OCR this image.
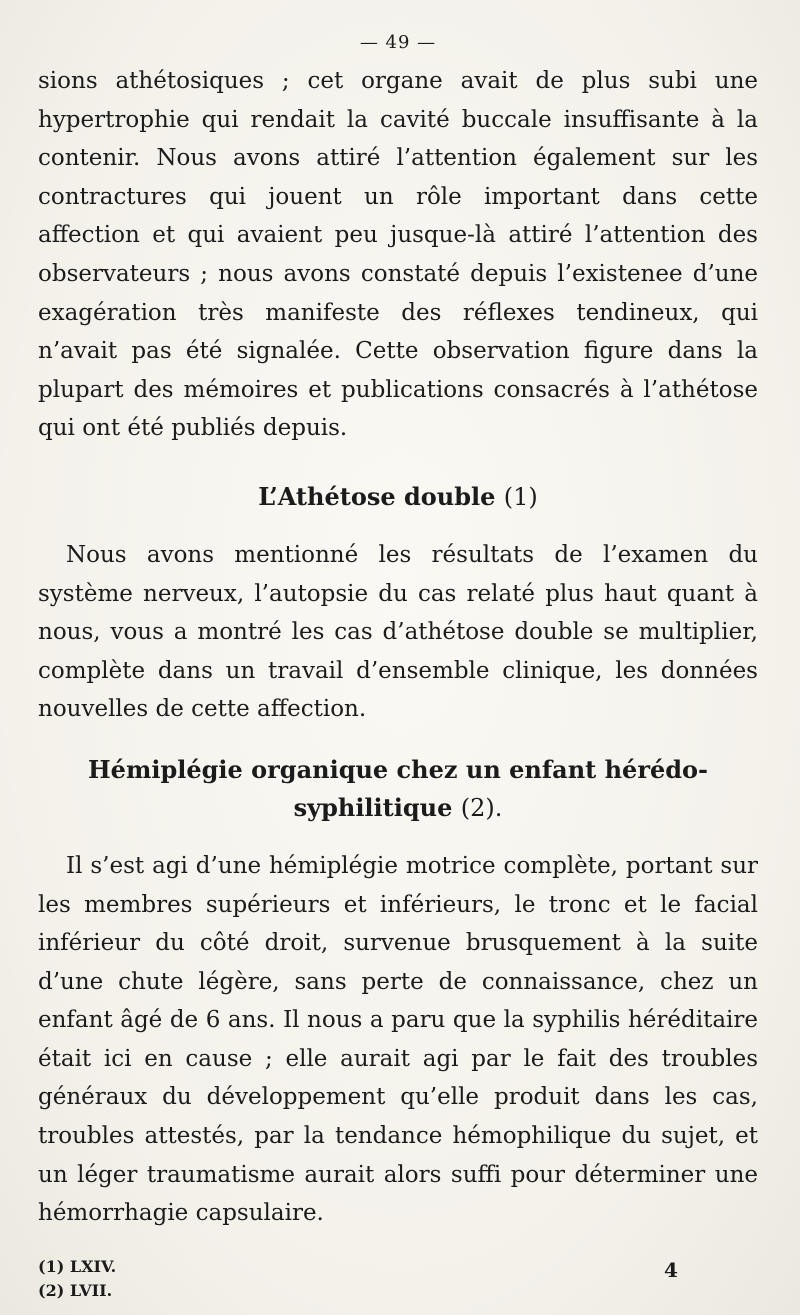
— 49 —

sions athétosiques ; cet organe avait de plus subi une hypertrophie qui rendait la cavité buccale insuffisante à la contenir. Nous avons attiré l’attention également sur les contractures qui jouent un rôle important dans cette affection et qui avaient peu jusque-là attiré l’attention des observateurs ; nous avons constaté depuis l’existenee d’une exagération très manifeste des réflexes tendineux, qui n’avait pas été signalée. Cette observation figure dans la plupart des mémoires et publications consacrés à l’athétose qui ont été publiés depuis.

L’Athétose double (1)

Nous avons mentionné les résultats de l’examen du système nerveux, l’autopsie du cas relaté plus haut quant à nous, vous a montré les cas d’athétose double se multiplier, complète dans un travail d’ensemble clinique, les données nouvelles de cette affection.

Hémiplégie organique chez un enfant hérédo-
syphilitique (2).

Il s’est agi d’une hémiplégie motrice complète, portant sur les membres supérieurs et inférieurs, le tronc et le facial inférieur du côté droit, survenue brusquement à la suite d’une chute légère, sans perte de connaissance, chez un enfant âgé de 6 ans. Il nous a paru que la syphilis héréditaire était ici en cause ; elle aurait agi par le fait des troubles généraux du développement qu’elle produit dans les cas, troubles attestés, par la tendance hémophilique du sujet, et un léger traumatisme aurait alors suffi pour déterminer une hémorrhagie capsulaire.

(1) LXIV.
(2) LVII.
4
